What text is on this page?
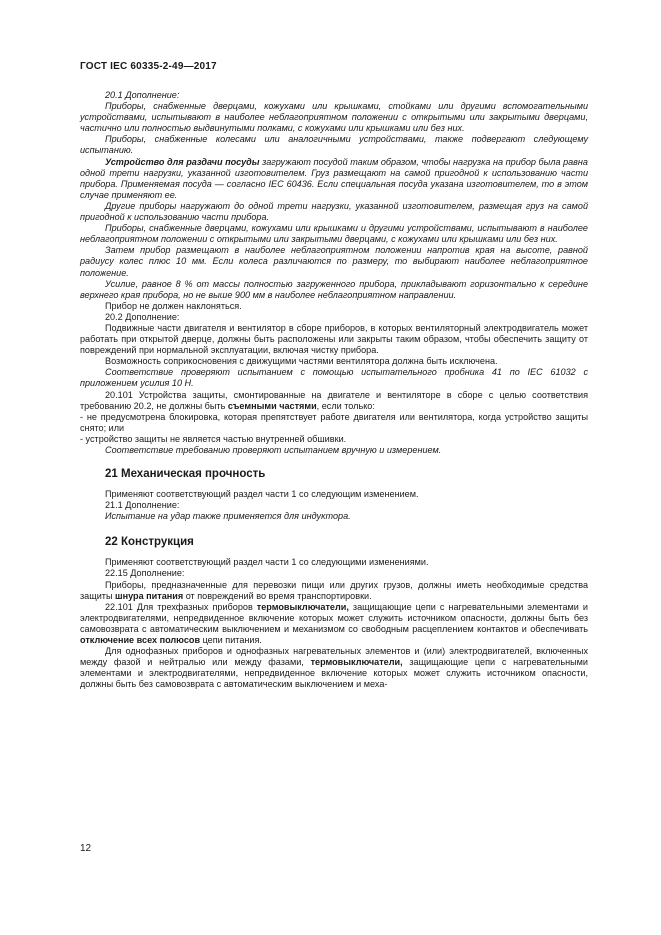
ГОСТ IEC 60335-2-49—2017

20.1 Дополнение:

Приборы, снабженные дверцами, кожухами или крышками, стойками или другими вспомогательными устройствами, испытывают в наиболее неблагоприятном положении с открытыми или закрытыми дверцами, частично или полностью выдвинутыми полками, с кожухами или крышками или без них.

Приборы, снабженные колесами или аналогичными устройствами, также подвергают следующему испытанию.

Устройство для раздачи посуды загружают посудой таким образом, чтобы нагрузка на прибор была равна одной трети нагрузки, указанной изготовителем. Груз размещают на самой пригодной к использованию части прибора. Применяемая посуда — согласно IEC 60436. Если специальная посуда указана изготовителем, то в этом случае применяют ее.

Другие приборы нагружают до одной трети нагрузки, указанной изготовителем, размещая груз на самой пригодной к использованию части прибора.

Приборы, снабженные дверцами, кожухами или крышками и другими устройствами, испытывают в наиболее неблагоприятном положении с открытыми или закрытыми дверцами, с кожухами или крышками или без них.

Затем прибор размещают в наиболее неблагоприятном положении напротив края на высоте, равной радиусу колес плюс 10 мм. Если колеса различаются по размеру, то выбирают наиболее неблагоприятное положение.

Усилие, равное 8 % от массы полностью загруженного прибора, прикладывают горизонтально к середине верхнего края прибора, но не выше 900 мм в наиболее неблагоприятном направлении.

Прибор не должен наклоняться.

20.2 Дополнение:

Подвижные части двигателя и вентилятор в сборе приборов, в которых вентиляторный электродвигатель может работать при открытой дверце, должны быть расположены или закрыты таким образом, чтобы обеспечить защиту от повреждений при нормальной эксплуатации, включая чистку прибора.

Возможность соприкосновения с движущими частями вентилятора должна быть исключена.

Соответствие проверяют испытанием с помощью испытательного пробника 41 по IEC 61032 с приложением усилия 10 Н.

20.101 Устройства защиты, смонтированные на двигателе и вентиляторе в сборе с целью соответствия требованию 20.2, не должны быть съемными частями, если только:

- не предусмотрена блокировка, которая препятствует работе двигателя или вентилятора, когда устройство защиты снято; или

- устройство защиты не является частью внутренней обшивки.

Соответствие требованию проверяют испытанием вручную и измерением.

21 Механическая прочность

Применяют соответствующий раздел части 1 со следующим изменением.

21.1 Дополнение:

Испытание на удар также применяется для индуктора.

22 Конструкция

Применяют соответствующий раздел части 1 со следующими изменениями.

22.15 Дополнение:

Приборы, предназначенные для перевозки пищи или других грузов, должны иметь необходимые средства защиты шнура питания от повреждений во время транспортировки.

22.101 Для трехфазных приборов термовыключатели, защищающие цепи с нагревательными элементами и электродвигателями, непредвиденное включение которых может служить источником опасности, должны быть без самовозврата с автоматическим выключением и механизмом со свободным расцеплением контактов и обеспечивать отключение всех полюсов цепи питания.

Для однофазных приборов и однофазных нагревательных элементов и (или) электродвигателей, включенных между фазой и нейтралью или между фазами, термовыключатели, защищающие цепи с нагревательными элементами и электродвигателями, непредвиденное включение которых может служить источником опасности, должны быть без самовозврата с автоматическим выключением и меха-

12
